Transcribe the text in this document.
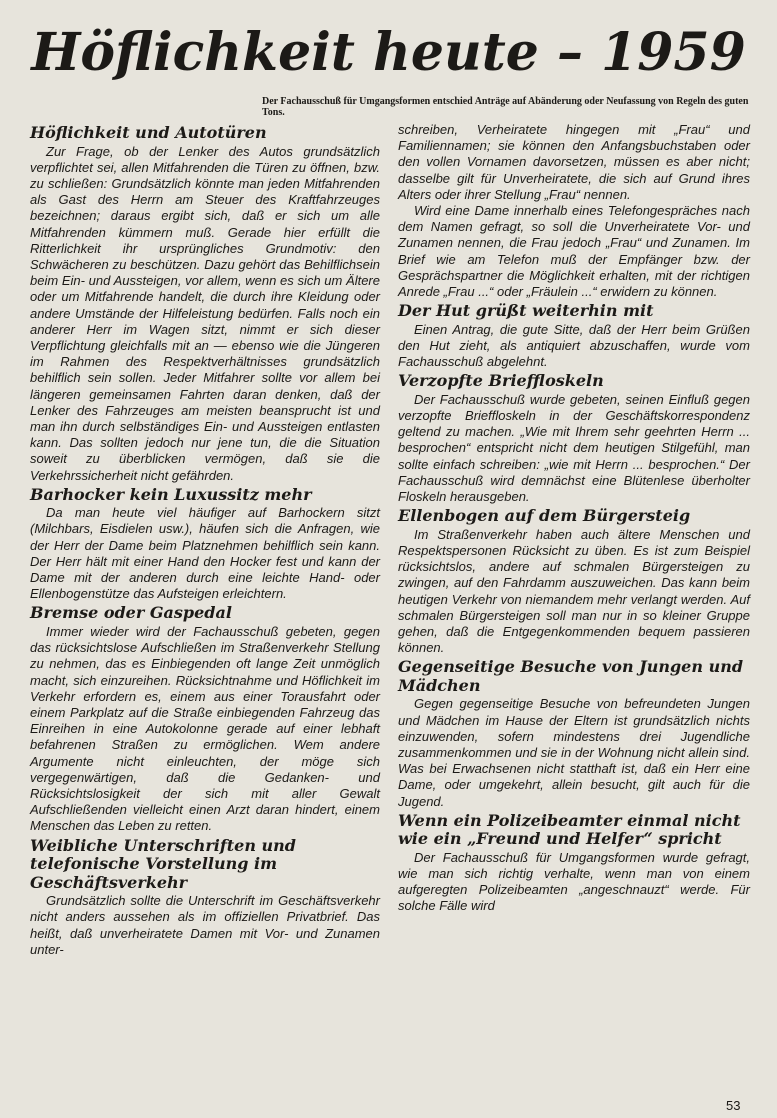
Höflichkeit heute – 1959
Der Fachausschuß für Umgangsformen entschied Anträge auf Abänderung oder Neufassung von Regeln des guten Tons.
Höflichkeit und Autotüren

Zur Frage, ob der Lenker des Autos grundsätzlich verpflichtet sei, allen Mitfahrenden die Türen zu öffnen, bzw. zu schließen: Grundsätzlich könnte man jeden Mitfahrenden als Gast des Herrn am Steuer des Kraftfahrzeuges bezeichnen; daraus ergibt sich, daß er sich um alle Mitfahrenden kümmern muß. Gerade hier erfüllt die Ritterlichkeit ihr ursprüngliches Grundmotiv: den Schwächeren zu beschützen. Dazu gehört das Behilflichsein beim Ein- und Aussteigen, vor allem, wenn es sich um Ältere oder um Mitfahrende handelt, die durch ihre Kleidung oder andere Umstände der Hilfeleistung bedürfen. Falls noch ein anderer Herr im Wagen sitzt, nimmt er sich dieser Verpflichtung gleichfalls mit an — ebenso wie die Jüngeren im Rahmen des Respektverhältnisses grundsätzlich behilflich sein sollen. Jeder Mitfahrer sollte vor allem bei längeren gemeinsamen Fahrten daran denken, daß der Lenker des Fahrzeuges am meisten beansprucht ist und man ihn durch selbständiges Ein- und Aussteigen entlasten kann. Das sollten jedoch nur jene tun, die die Situation soweit zu überblicken vermögen, daß sie die Verkehrssicherheit nicht gefährden.

Barhocker kein Luxussitz mehr

Da man heute viel häufiger auf Barhockern sitzt (Milchbars, Eisdielen usw.), häufen sich die Anfragen, wie der Herr der Dame beim Platznehmen behilflich sein kann. Der Herr hält mit einer Hand den Hocker fest und kann der Dame mit der anderen durch eine leichte Hand- oder Ellenbogenstütze das Aufsteigen erleichtern.

Bremse oder Gaspedal

Immer wieder wird der Fachausschuß gebeten, gegen das rücksichtslose Aufschließen im Straßenverkehr Stellung zu nehmen, das es Einbiegenden oft lange Zeit unmöglich macht, sich einzureihen. Rücksichtnahme und Höflichkeit im Verkehr erfordern es, einem aus einer Torausfahrt oder einem Parkplatz auf die Straße einbiegenden Fahrzeug das Einreihen in eine Autokolonne gerade auf einer lebhaft befahrenen Straßen zu ermöglichen. Wem andere Argumente nicht einleuchten, der möge sich vergegenwärtigen, daß die Gedanken- und Rücksichtslosigkeit der sich mit aller Gewalt Aufschließenden vielleicht einen Arzt daran hindert, einem Menschen das Leben zu retten.

Weibliche Unterschriften und telefonische Vorstellung im Geschäftsverkehr

Grundsätzlich sollte die Unterschrift im Geschäftsverkehr nicht anders aussehen als im offiziellen Privatbrief. Das heißt, daß unverheiratete Damen mit Vor- und Zunamen unter-

schreiben, Verheiratete hingegen mit „Frau“ und Familiennamen; sie können den Anfangsbuchstaben oder den vollen Vornamen davorsetzen, müssen es aber nicht; dasselbe gilt für Unverheiratete, die sich auf Grund ihres Alters oder ihrer Stellung „Frau“ nennen.

Wird eine Dame innerhalb eines Telefongespräches nach dem Namen gefragt, so soll die Unverheiratete Vor- und Zunamen nennen, die Frau jedoch „Frau“ und Zunamen. Im Brief wie am Telefon muß der Empfänger bzw. der Gesprächspartner die Möglichkeit erhalten, mit der richtigen Anrede „Frau ...“ oder „Fräulein ...“ erwidern zu können.

Der Hut grüßt weiterhin mit

Einen Antrag, die gute Sitte, daß der Herr beim Grüßen den Hut zieht, als antiquiert abzuschaffen, wurde vom Fachausschuß abgelehnt.

Verzopfte Brieffloskeln

Der Fachausschuß wurde gebeten, seinen Einfluß gegen verzopfte Brieffloskeln in der Geschäftskorrespondenz geltend zu machen. „Wie mit Ihrem sehr geehrten Herrn ... besprochen“ entspricht nicht dem heutigen Stilgefühl, man sollte einfach schreiben: „wie mit Herrn ... besprochen.“ Der Fachausschuß wird demnächst eine Blütenlese überholter Floskeln herausgeben.

Ellenbogen auf dem Bürgersteig

Im Straßenverkehr haben auch ältere Menschen und Respektspersonen Rücksicht zu üben. Es ist zum Beispiel rücksichtslos, andere auf schmalen Bürgersteigen zu zwingen, auf den Fahrdamm auszuweichen. Das kann beim heutigen Verkehr von niemandem mehr verlangt werden. Auf schmalen Bürgersteigen soll man nur in so kleiner Gruppe gehen, daß die Entgegenkommenden bequem passieren können.

Gegenseitige Besuche von Jungen und Mädchen

Gegen gegenseitige Besuche von befreundeten Jungen und Mädchen im Hause der Eltern ist grundsätzlich nichts einzuwenden, sofern mindestens drei Jugendliche zusammenkommen und sie in der Wohnung nicht allein sind. Was bei Erwachsenen nicht statthaft ist, daß ein Herr eine Dame, oder umgekehrt, allein besucht, gilt auch für die Jugend.

Wenn ein Polizeibeamter einmal nicht wie ein „Freund und Helfer“ spricht

Der Fachausschuß für Umgangsformen wurde gefragt, wie man sich richtig verhalte, wenn man von einem aufgeregten Polizeibeamten „angeschnauzt“ werde. Für solche Fälle wird

53
